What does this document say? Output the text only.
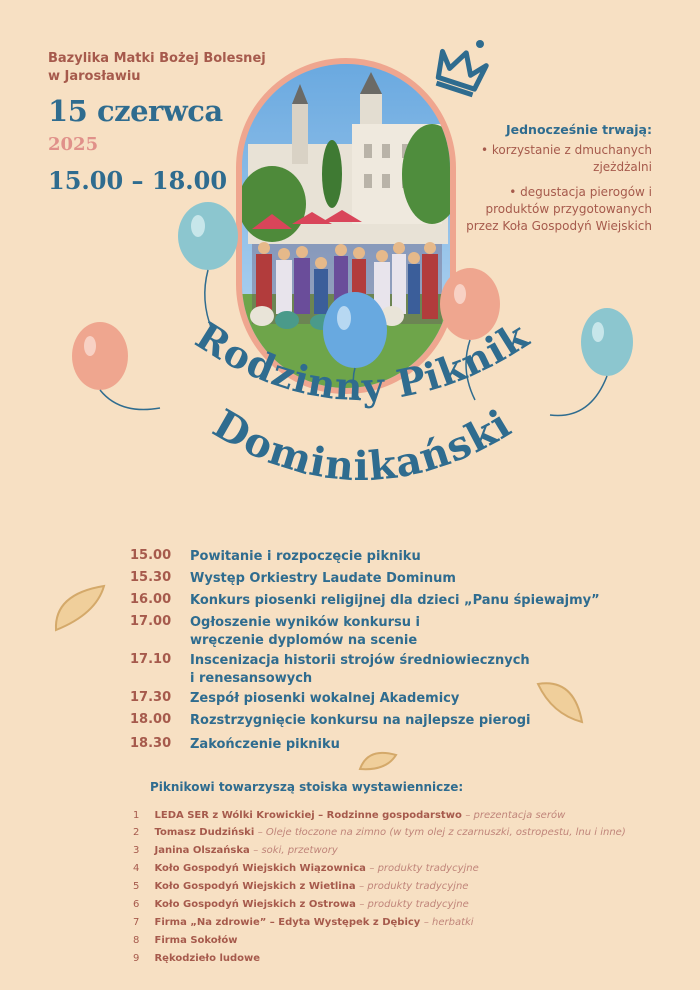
Bazylika Matki Bożej Bolesnej
w Jarosławiu
15 czerwca
2025
15.00 – 18.00
Jednocześnie trwają:
• korzystanie z dmuchanych zjeżdżalni
• degustacja pierogów i produktów przygotowanych przez Koła Gospodyń Wiejskich
Rodzinny Piknik
Dominikański
15.00	Powitanie i rozpoczęcie pikniku
15.30	Występ Orkiestry Laudate Dominum
16.00	Konkurs piosenki religijnej dla dzieci „Panu śpiewajmy”
17.00	Ogłoszenie wyników konkursu i wręczenie dyplomów na scenie
17.10	Inscenizacja historii strojów średniowiecznych i renesansowych
17.30	Zespół piosenki wokalnej Akademicy
18.00	Rozstrzygnięcie konkursu na najlepsze pierogi
18.30	Zakończenie pikniku
Piknikowi towarzyszą stoiska wystawiennicze:
1 LEDA SER z Wólki Krowickiej – Rodzinne gospodarstwo – prezentacja serów
2 Tomasz Dudziński – Oleje tłoczone na zimno (w tym olej z czarnuszki, ostropestu, lnu i inne)
3 Janina Olszańska – soki, przetwory
4 Koło Gospodyń Wiejskich Wiązownica – produkty tradycyjne
5 Koło Gospodyń Wiejskich z Wietlina – produkty tradycyjne
6 Koło Gospodyń Wiejskich z Ostrowa – produkty tradycyjne
7 Firma „Na zdrowie” – Edyta Występek z Dębicy – herbatki
8 Firma Sokołów
9 Rękodzieło ludowe
